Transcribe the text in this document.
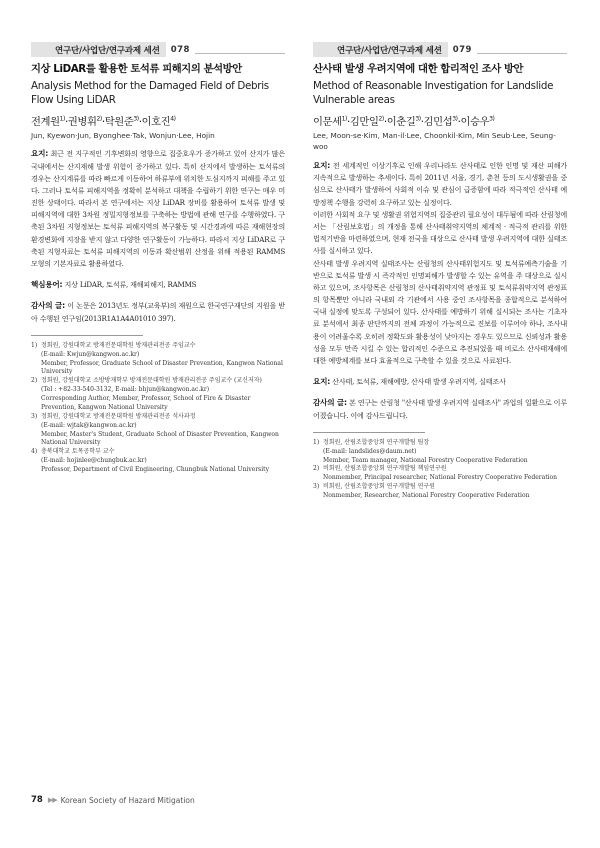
연구단/사업단/연구과제 세션	078
지상 LiDAR를 활용한 토석류 피해지의 분석방안
Analysis Method for the Damaged Field of Debris Flow Using LiDAR
전계원$^{1)}$·권병휘$^{2)}$·탁원준$^{3)}$·이호진$^{4)}$
Jun, Kyewon·Jun, Byonghee·Tak, Wonjun·Lee, Hojin

요지: 최근 전 지구적인 기후변화의 영향으로 집중호우가 증가하고 있어 산지가 많은 국내에서는 산지재해 발생 위험이 증가하고 있다. 특히 산지에서 발생하는 토석류의 경우는 산지계류를 따라 빠르게 이동하여 하류부에 위치한 도심지까지 피해를 주고 있다. 그러나 토석류 피해지역을 정확히 분석하고 대책을 수립하기 위한 연구는 매우 미진한 상태이다. 따라서 본 연구에서는 지상 LiDAR 장비를 활용하여 토석류 발생 및 피해지역에 대한 3차원 정밀지형정보를 구축하는 방법에 관해 연구를 수행하였다. 구축된 3차원 지형정보는 토석류 피해지역의 복구활동 및 시간경과에 따른 재해현장의 환경변화에 지장을 받지 않고 다양한 연구활동이 가능하다. 따라서 지상 LiDAR로 구축된 지형자료는 토석류 피해지역의 이동과 확산범위 산정을 위해 적용된 RAMMS 모형의 기본자료로 활용하였다.

핵심용어: 지상 LiDAR, 토석류, 재해피해지, RAMMS

감사의 글: 이 논문은 2013년도 정부(교육부)의 재원으로 한국연구재단의 지원을 받아 수행된 연구임(2013R1A1A4A01010 397).

1) 정회원, 강원대학교 방재전문대학원 방재관리전공 주임교수
(E-mail: Kwjun@kangwon.ac.kr)
Member, Professor, Graduate School of Disaster Prevention, Kangwon National University
2) 정회원, 강원대학교 소방방재학부 방재전문대학원 방재관리전공 주임교수 (교신저자)
(Tel : +82-33-540-3132, E-mail: bhjun@kangwon.ac.kr)
Corresponding Author, Member, Professor, School of Fire & Disaster Prevention, Kangwon National University
3) 정회원, 강원대학교 방재전문대학원 방재관리전공 석사과정
(E-mail: wjtak@kangwon.ac.kr)
Member, Master's Student, Graduate School of Disaster Prevention, Kangwon National University
4) 충북대학교 토목공학부 교수
(E-mail: hojinlee@chungbuk.ac.kr)
Professor, Department of Civil Engineering, Chungbuk National University
연구단/사업단/연구과제 세션	079
산사태 발생 우려지역에 대한 합리적인 조사 방안
Method of Reasonable Investigation for Landslide Vulnerable areas
이문세$^{1)}$·김만일$^{2)}$·이춘길$^{3)}$·김민섭$^{3)}$·이승우$^{3)}$
Lee, Moon-se·Kim, Man-il·Lee, Choonkil·Kim, Min Seub·Lee, Seung-woo

요지: 전 세계적인 이상기후로 인해 우리나라도 산사태로 인한 인명 및 재산 피해가 지속적으로 발생하는 추세이다. 특히 2011년 서울, 경기, 춘천 등의 도시생활권을 중심으로 산사태가 발생하여 사회적 이슈 및 관심이 급증함에 따라 적극적인 산사태 예방정책 수행을 강력히 요구하고 있는 실정이다.

이러한 사회적 요구 및 생활권 위험지역의 집중관리 필요성이 대두됨에 따라 산림청에서는 「산림보호법」의 개정을 통해 산사태취약지역의 체계적 · 적극적 관리를 위한 법적기반을 마련하였으며, 현재 전국을 대상으로 산사태 발생 우려지역에 대한 실태조사를 실시하고 있다.

산사태 발생 우려지역 실태조사는 산림청의 산사태위험지도 및 토석류예측기술을 기반으로 토석류 발생 시 즉각적인 인명피해가 발생할 수 있는 유역을 주 대상으로 실시하고 있으며, 조사항목은 산림청의 산사태취약지역 관정표 및 토석류취약지역 관정표의 항목뿐만 아니라 국내외 각 기관에서 사용 중인 조사항목을 종합적으로 분석하여 국내 실정에 맞도록 구성되어 있다. 산사태를 예방하기 위해 실시되는 조사는 기초자료 분석에서 최종 판단까지의 전체 과정이 가능적으로 진보를 이루어야 하나, 조사내용이 어려울수록 오히려 정확도와 활용성이 낮아지는 경우도 있으므로 신뢰성과 활용성을 모두 만족 시킬 수 있는 합리적인 수준으로 추진되었을 때 비로소 산사태재해에 대한 예방체계를 보다 효율적으로 구축할 수 있을 것으로 사료된다.

요지: 산사태, 토석류, 재해예방, 산사태 발생 우려지역, 실태조사

감사의 글: 본 연구는 산림청 "산사태 발생 우려지역 실태조사" 과업의 일환으로 이루어졌습니다. 이에 감사드립니다.

1) 정회원, 산림조합중앙회 연구개발팀 팀장
(E-mail: landslides@daum.net)
Member, Team manager, National Forestry Cooperative Federation
2) 비회원, 산림조합중앙회 연구개발팀 책임연구원
Nonmember, Principal researcher, National Forestry Cooperative Federation
3) 비회원, 산림조합중앙회 연구개발팀 연구원
Nonmember, Researcher, National Forestry Cooperative Federation
78 ▶▶ Korean Society of Hazard Mitigation
